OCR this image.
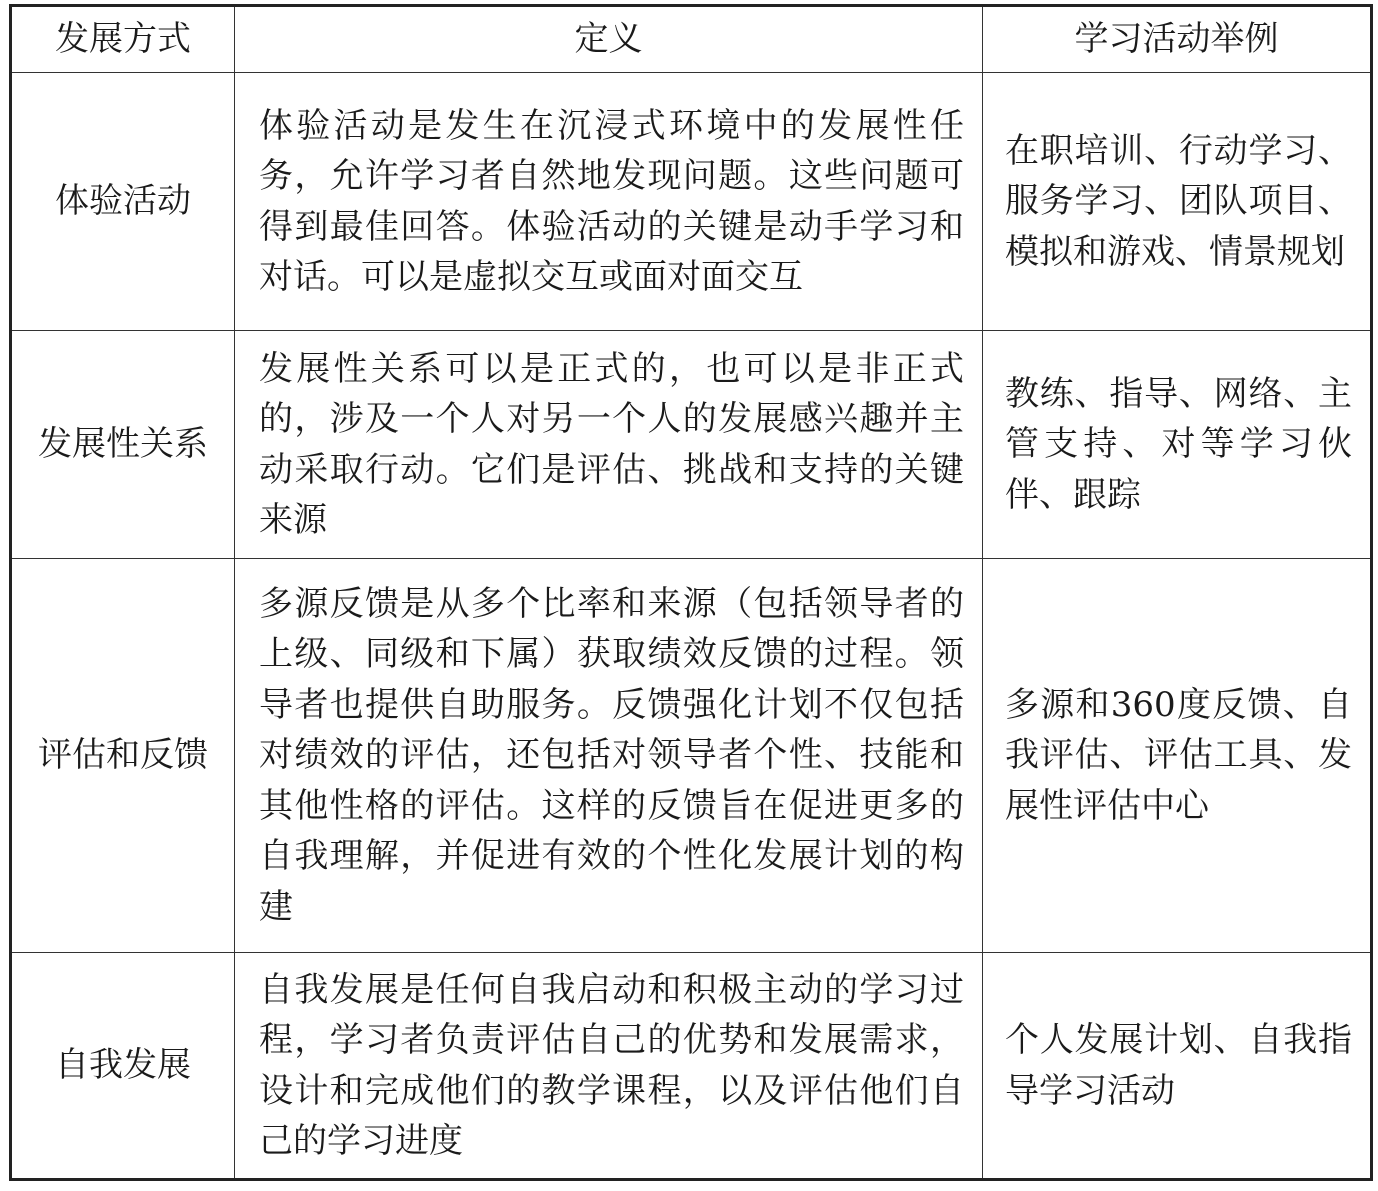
发展方式	定义	学习活动举例
体验活动	体验活动是发生在沉浸式环境中的发展性任务，允许学习者自然地发现问题。这些问题可得到最佳回答。体验活动的关键是动手学习和对话。可以是虚拟交互或面对面交互	在职培训、行动学习、服务学习、团队项目、模拟和游戏、情景规划
发展性关系	发展性关系可以是正式的，也可以是非正式的，涉及一个人对另一个人的发展感兴趣并主动采取行动。它们是评估、挑战和支持的关键来源	教练、指导、网络、主管支持、对等学习伙伴、跟踪
评估和反馈	多源反馈是从多个比率和来源（包括领导者的上级、同级和下属）获取绩效反馈的过程。领导者也提供自助服务。反馈强化计划不仅包括对绩效的评估，还包括对领导者个性、技能和其他性格的评估。这样的反馈旨在促进更多的自我理解，并促进有效的个性化发展计划的构建	多源和360度反馈、自我评估、评估工具、发展性评估中心
自我发展	自我发展是任何自我启动和积极主动的学习过程，学习者负责评估自己的优势和发展需求，设计和完成他们的教学课程，以及评估他们自己的学习进度	个人发展计划、自我指导学习活动
